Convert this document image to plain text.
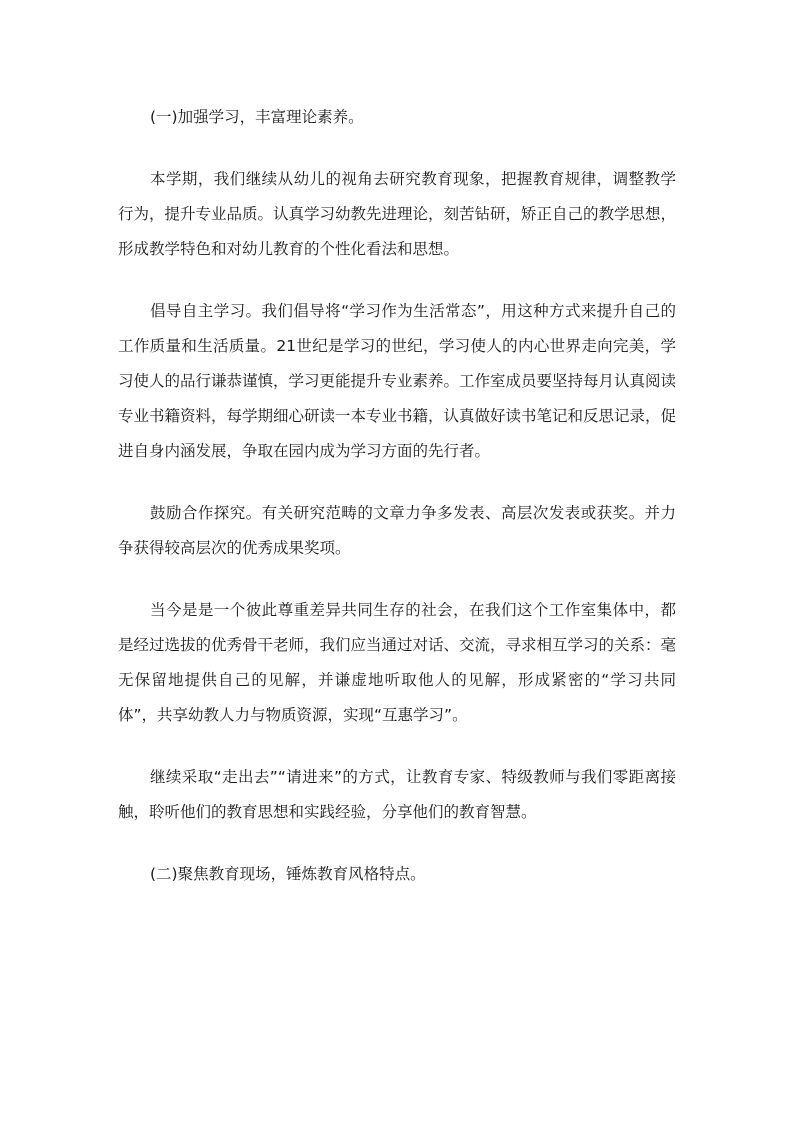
(一)加强学习，丰富理论素养。

本学期，我们继续从幼儿的视角去研究教育现象，把握教育规律，调整教学行为，提升专业品质。认真学习幼教先进理论，刻苦钻研，矫正自己的教学思想，形成教学特色和对幼儿教育的个性化看法和思想。

倡导自主学习。我们倡导将“学习作为生活常态”，用这种方式来提升自己的工作质量和生活质量。21世纪是学习的世纪，学习使人的内心世界走向完美，学习使人的品行谦恭谨慎，学习更能提升专业素养。工作室成员要坚持每月认真阅读专业书籍资料，每学期细心研读一本专业书籍，认真做好读书笔记和反思记录，促进自身内涵发展，争取在园内成为学习方面的先行者。

鼓励合作探究。有关研究范畴的文章力争多发表、高层次发表或获奖。并力争获得较高层次的优秀成果奖项。

当今是是一个彼此尊重差异共同生存的社会，在我们这个工作室集体中，都是经过选拔的优秀骨干老师，我们应当通过对话、交流，寻求相互学习的关系：毫无保留地提供自己的见解，并谦虚地听取他人的见解，形成紧密的“学习共同体”，共享幼教人力与物质资源，实现“互惠学习”。

继续采取“走出去”“请进来”的方式，让教育专家、特级教师与我们零距离接触，聆听他们的教育思想和实践经验，分享他们的教育智慧。

(二)聚焦教育现场，锤炼教育风格特点。
